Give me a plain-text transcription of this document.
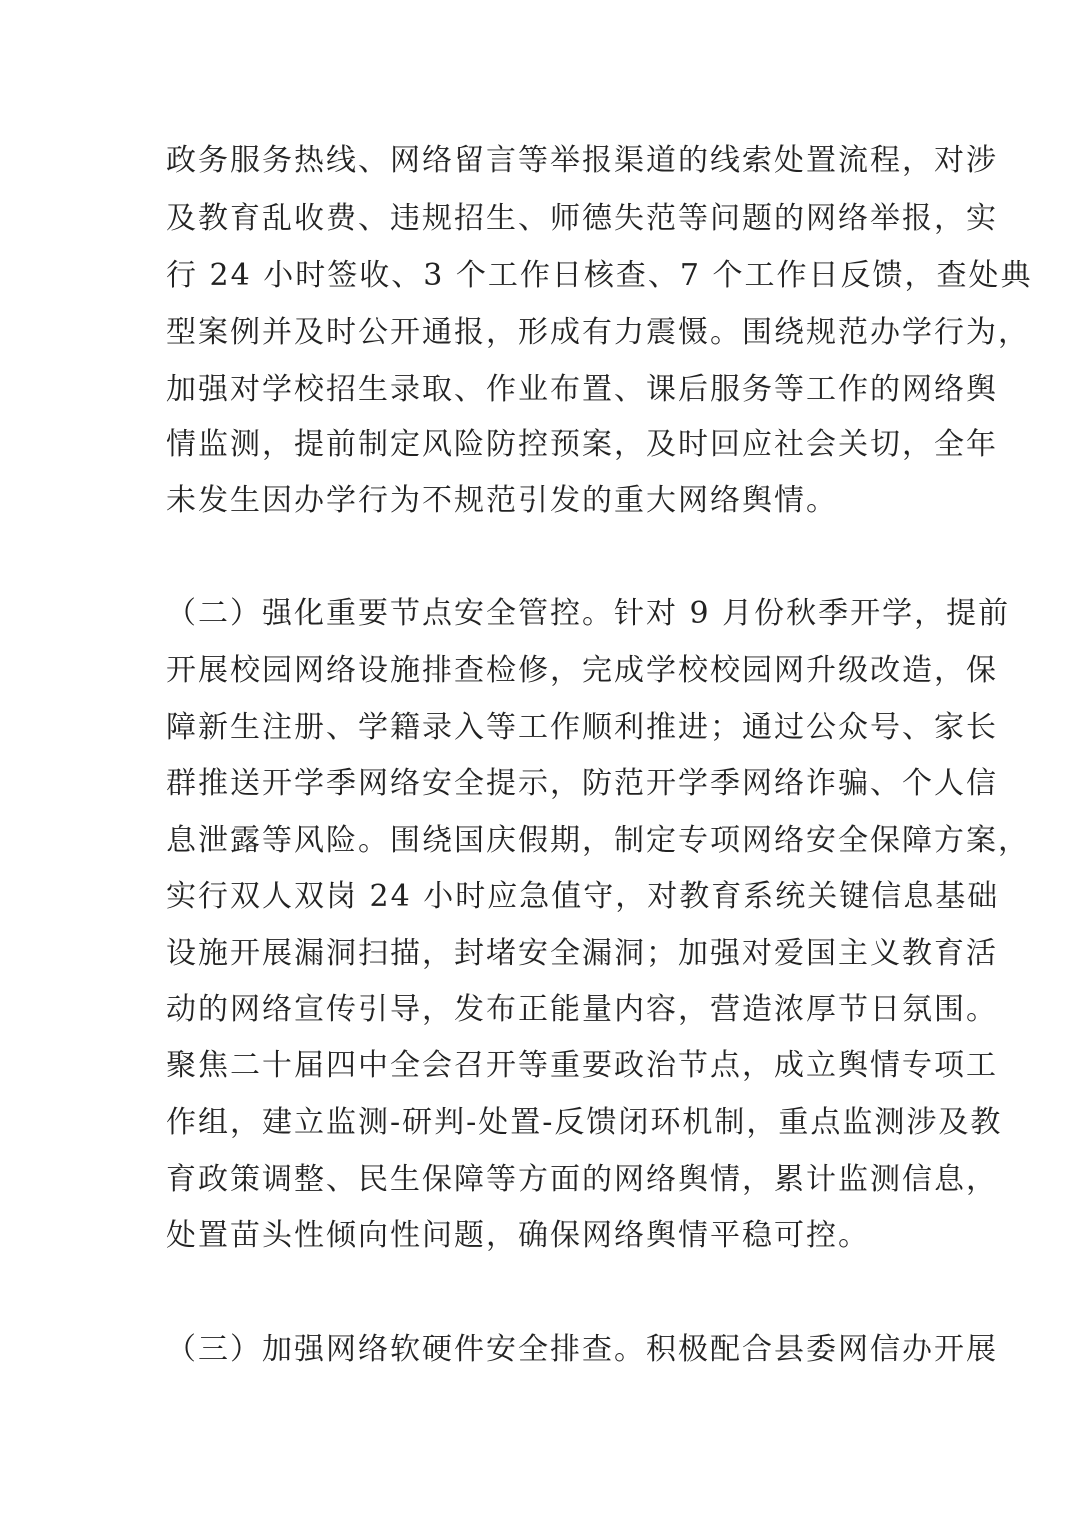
政务服务热线、网络留言等举报渠道的线索处置流程，对涉
及教育乱收费、违规招生、师德失范等问题的网络举报，实
行 24 小时签收、3 个工作日核查、7 个工作日反馈，查处典
型案例并及时公开通报，形成有力震慑。围绕规范办学行为，
加强对学校招生录取、作业布置、课后服务等工作的网络舆
情监测，提前制定风险防控预案，及时回应社会关切，全年
未发生因办学行为不规范引发的重大网络舆情。
（二）强化重要节点安全管控。针对 9 月份秋季开学，提前
开展校园网络设施排查检修，完成学校校园网升级改造，保
障新生注册、学籍录入等工作顺利推进；通过公众号、家长
群推送开学季网络安全提示，防范开学季网络诈骗、个人信
息泄露等风险。围绕国庆假期，制定专项网络安全保障方案，
实行双人双岗 24 小时应急值守，对教育系统关键信息基础
设施开展漏洞扫描，封堵安全漏洞；加强对爱国主义教育活
动的网络宣传引导，发布正能量内容，营造浓厚节日氛围。
聚焦二十届四中全会召开等重要政治节点，成立舆情专项工
作组，建立监测-研判-处置-反馈闭环机制，重点监测涉及教
育政策调整、民生保障等方面的网络舆情，累计监测信息，
处置苗头性倾向性问题，确保网络舆情平稳可控。
（三）加强网络软硬件安全排查。积极配合县委网信办开展
